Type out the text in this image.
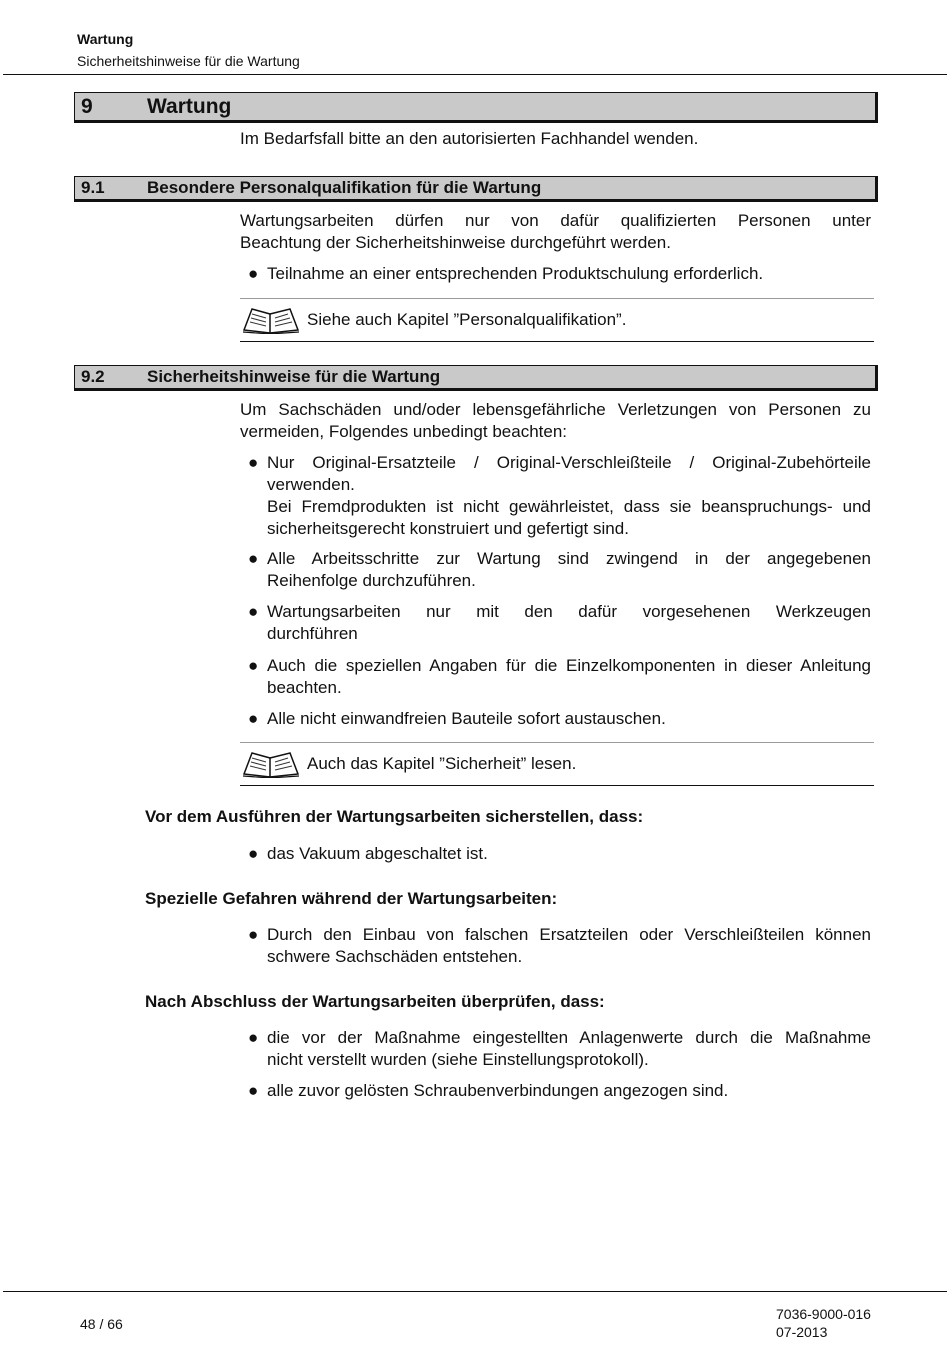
Wartung
Sicherheitshinweise für die Wartung
9	Wartung
Im Bedarfsfall bitte an den autorisierten Fachhandel wenden.
9.1 Besondere Personalqualifikation für die Wartung
Wartungsarbeiten dürfen nur von dafür qualifizierten Personen unter
Beachtung der Sicherheitshinweise durchgeführt werden.
● Teilnahme an einer entsprechenden Produktschulung erforderlich.
Siehe auch Kapitel ”Personalqualifikation”.
9.2 Sicherheitshinweise für die Wartung
Um Sachschäden und/oder lebensgefährliche Verletzungen von Personen zu
vermeiden, Folgendes unbedingt beachten:
● Nur Original-Ersatzteile / Original-Verschleißteile / Original-Zubehörteile
verwenden.
Bei Fremdprodukten ist nicht gewährleistet, dass sie beanspruchungs- und
sicherheitsgerecht konstruiert und gefertigt sind.
● Alle Arbeitsschritte zur Wartung sind zwingend in der angegebenen
Reihenfolge durchzuführen.
● Wartungsarbeiten nur mit den dafür vorgesehenen Werkzeugen
durchführen
● Auch die speziellen Angaben für die Einzelkomponenten in dieser Anleitung
beachten.
● Alle nicht einwandfreien Bauteile sofort austauschen.
Auch das Kapitel ”Sicherheit” lesen.
Vor dem Ausführen der Wartungsarbeiten sicherstellen, dass:
● das Vakuum abgeschaltet ist.
Spezielle Gefahren während der Wartungsarbeiten:
● Durch den Einbau von falschen Ersatzteilen oder Verschleißteilen können
schwere Sachschäden entstehen.
Nach Abschluss der Wartungsarbeiten überprüfen, dass:
● die vor der Maßnahme eingestellten Anlagenwerte durch die Maßnahme
nicht verstellt wurden (siehe Einstellungsprotokoll).
● alle zuvor gelösten Schraubenverbindungen angezogen sind.
48 / 66
7036-9000-016
07-2013
